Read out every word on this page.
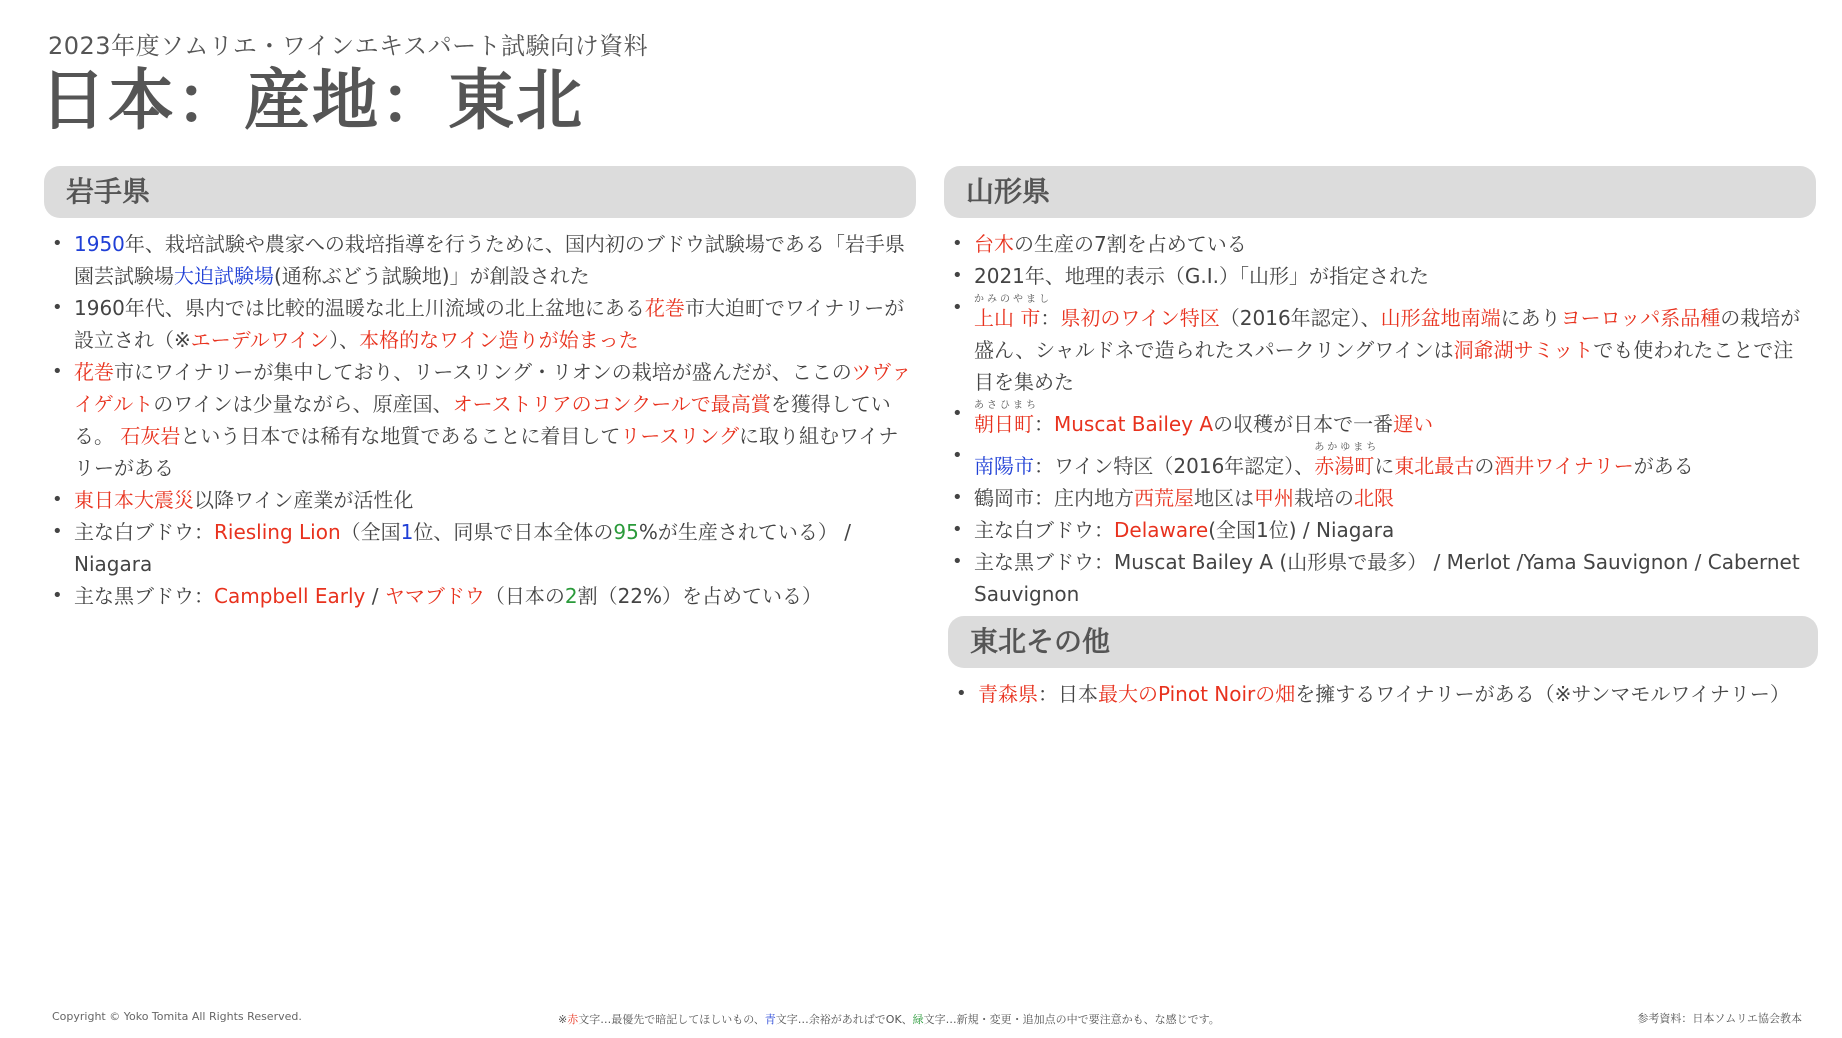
2023年度ソムリエ・ワインエキスパート試験向け資料
日本：産地：東北
岩手県
• 1950年、栽培試験や農家への栽培指導を行うために、国内初のブドウ試験場である「岩手県園芸試験場大迫試験場(通称ぶどう試験地)」が創設された
• 1960年代、県内では比較的温暖な北上川流域の北上盆地にある花巻市大迫町でワイナリーが設立され（※エーデルワイン）、本格的なワイン造りが始まった
• 花巻市にワイナリーが集中しており、リースリング・リオンの栽培が盛んだが、ここのツヴァイゲルトのワインは少量ながら、原産国、オーストリアのコンクールで最高賞を獲得している。 石灰岩という日本では稀有な地質であることに着目してリースリングに取り組むワイナリーがある
• 東日本大震災以降ワイン産業が活性化
• 主な白ブドウ：Riesling Lion（全国1位、同県で日本全体の95%が生産されている） / Niagara
• 主な黒ブドウ：Campbell Early / ヤマブドウ（日本の2割（22%）を占めている）
山形県
• 台木の生産の7割を占めている
• 2021年、地理的表示（G.I.）「山形」が指定された
• かみのやまし
上山 市：県初のワイン特区（2016年認定）、山形盆地南端にありヨーロッパ系品種の栽培が盛ん、シャルドネで造られたスパークリングワインは洞爺湖サミットでも使われたことで注目を集めた
• あさひまち
朝日町：Muscat Bailey Aの収穫が日本で一番遅い
• 南陽市：ワイン特区（2016年認定）、
あかゆまち
赤湯町に東北最古の酒井ワイナリーがある
• 鶴岡市：庄内地方西荒屋地区は甲州栽培の北限
• 主な白ブドウ：Delaware(全国1位) / Niagara
• 主な黒ブドウ：Muscat Bailey A (山形県で最多） / Merlot /Yama Sauvignon / Cabernet Sauvignon
東北その他
• 青森県：日本最大のPinot Noirの畑を擁するワイナリーがある（※サンマモルワイナリー）
Copyright © Yoko Tomita All Rights Reserved.	※赤文字…最優先で暗記してほしいもの、青文字…余裕があればでOK、緑文字…新規・変更・追加点の中で要注意かも、な感じです。	参考資料：日本ソムリエ協会教本
